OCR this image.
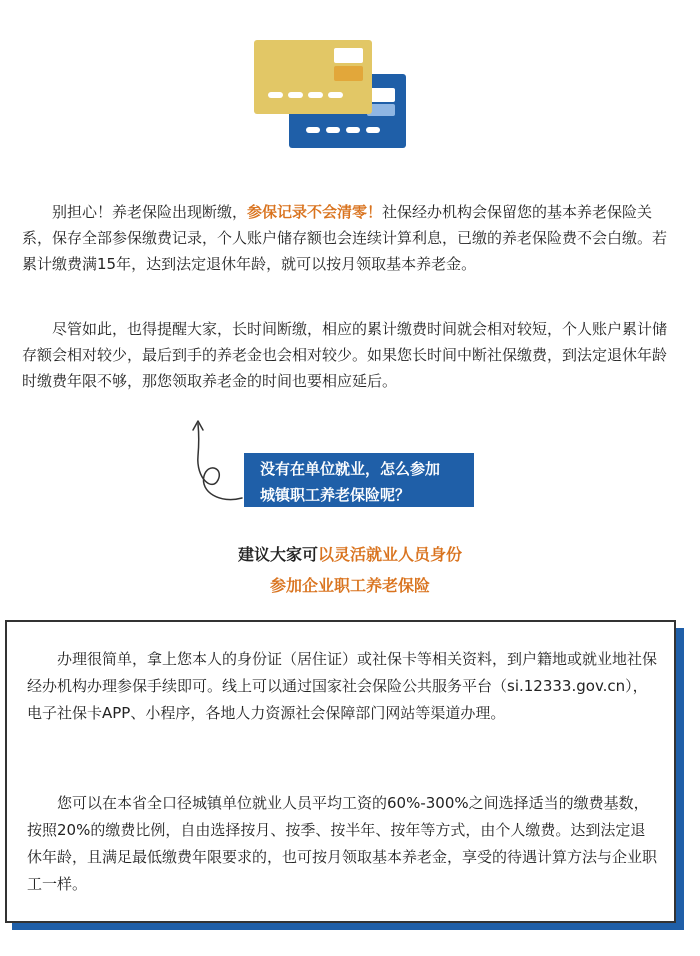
别担心！养老保险出现断缴，参保记录不会清零！社保经办机构会保留您的基本养老保险关系，保存全部参保缴费记录，个人账户储存额也会连续计算利息，已缴的养老保险费不会白缴。若累计缴费满15年，达到法定退休年龄，就可以按月领取基本养老金。

尽管如此，也得提醒大家，长时间断缴，相应的累计缴费时间就会相对较短，个人账户累计储存额会相对较少，最后到手的养老金也会相对较少。如果您长时间中断社保缴费，到法定退休年龄时缴费年限不够，那您领取养老金的时间也要相应延后。

没有在单位就业，怎么参加
城镇职工养老保险呢？
建议大家可以灵活就业人员身份
参加企业职工养老保险

办理很简单，拿上您本人的身份证（居住证）或社保卡等相关资料，到户籍地或就业地社保经办机构办理参保手续即可。线上可以通过国家社会保险公共服务平台（si.12333.gov.cn），电子社保卡APP、小程序，各地人力资源社会保障部门网站等渠道办理。

您可以在本省全口径城镇单位就业人员平均工资的60%-300%之间选择适当的缴费基数，按照20%的缴费比例，自由选择按月、按季、按半年、按年等方式，由个人缴费。达到法定退休年龄，且满足最低缴费年限要求的，也可按月领取基本养老金，享受的待遇计算方法与企业职工一样。
